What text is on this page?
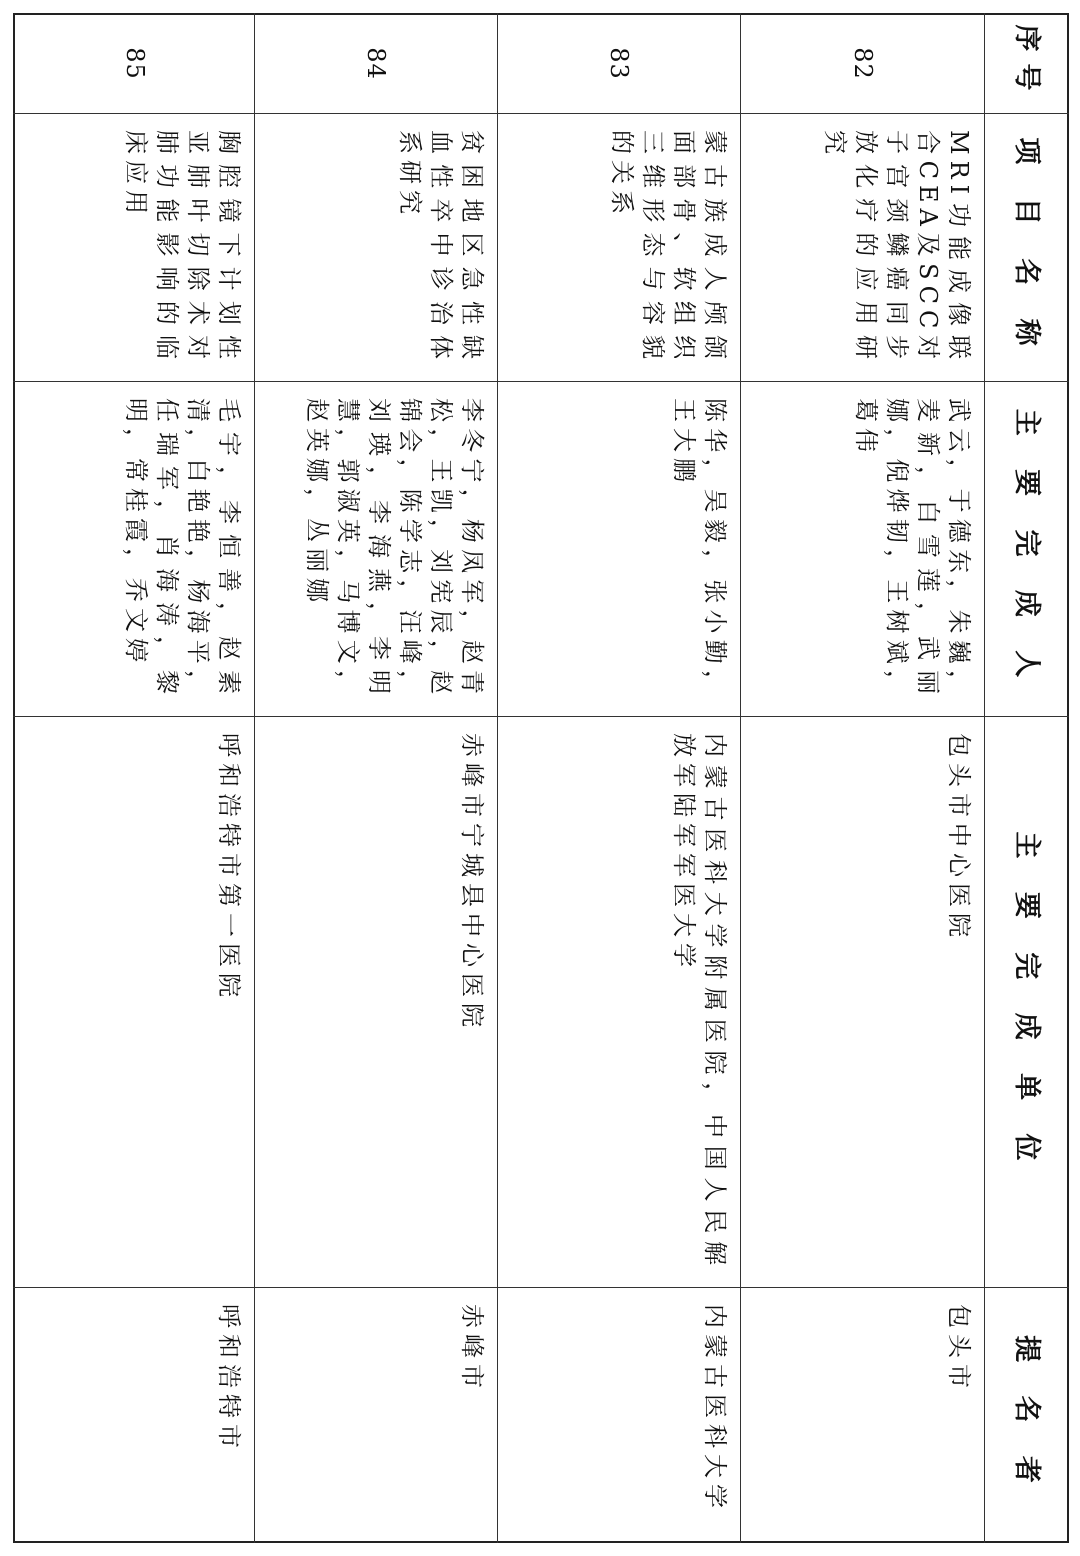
序号
项 目 名 称
主 要 完 成 人
主 要 完 成 单 位
提 名 者
82
MRI功能成像联合CEA及SCC对子宫颈鳞癌同步放化疗的应用研究
武云，于德东，朱巍，麦新，白雪莲，武丽娜，倪烨韧，王树斌，葛伟
包头市中心医院
包头市
83
蒙古族成人颅颌面部骨、软组织三维形态与容貌的关系
陈华，吴毅，张小勤，王大鹏
内蒙古医科大学附属医院，中国人民解放军陆军军医大学
内蒙古医科大学
84
贫困地区急性缺血性卒中诊治体系研究
李冬宁，杨凤军，赵青松，王凯，刘宪辰，赵锦会，陈学志，汪峰，刘瑛，李海燕，李明慧，郭淑英，马博文，赵英娜，丛丽娜
赤峰市宁城县中心医院
赤峰市
85
胸腔镜下计划性亚肺叶切除术对肺功能影响的临床应用
毛宇，李恒善，赵素清，白艳艳，杨海平，任瑞军，肖海涛，黎明，常桂霞，乔文婷
呼和浩特市第一医院
呼和浩特市
